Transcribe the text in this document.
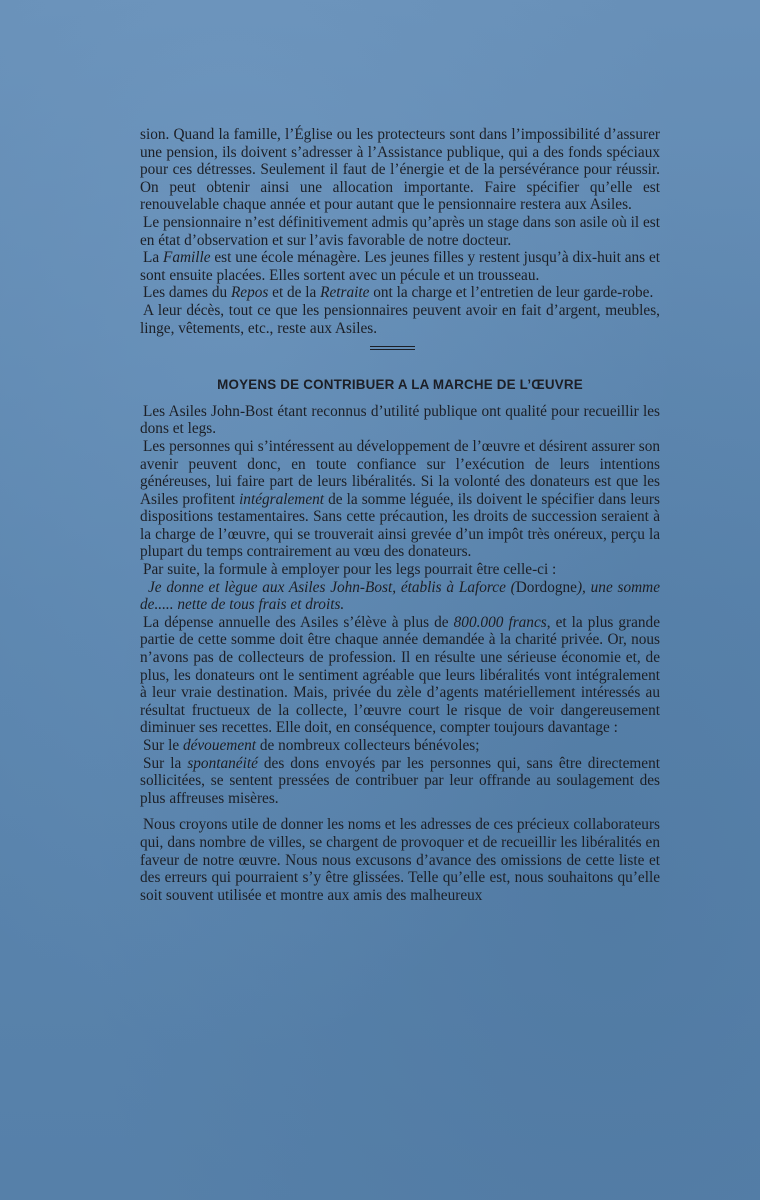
sion. Quand la famille, l’Église ou les protecteurs sont dans l’impossibilité d’assurer une pension, ils doivent s’adresser à l’Assistance publique, qui a des fonds spéciaux pour ces détresses. Seulement il faut de l’énergie et de la persévérance pour réussir. On peut obtenir ainsi une allocation importante. Faire spécifier qu’elle est renouvelable chaque année et pour autant que le pensionnaire restera aux Asiles.

Le pensionnaire n’est définitivement admis qu’après un stage dans son asile où il est en état d’observation et sur l’avis favorable de notre docteur.

La Famille est une école ménagère. Les jeunes filles y restent jusqu’à dix-huit ans et sont ensuite placées. Elles sortent avec un pécule et un trousseau.

Les dames du Repos et de la Retraite ont la charge et l’entretien de leur garde-robe.

A leur décès, tout ce que les pensionnaires peuvent avoir en fait d’argent, meubles, linge, vêtements, etc., reste aux Asiles.

MOYENS DE CONTRIBUER A LA MARCHE DE L’ŒUVRE

Les Asiles John-Bost étant reconnus d’utilité publique ont qualité pour recueillir les dons et legs.

Les personnes qui s’intéressent au développement de l’œuvre et désirent assurer son avenir peuvent donc, en toute confiance sur l’exécution de leurs intentions généreuses, lui faire part de leurs libéralités. Si la volonté des donateurs est que les Asiles profitent intégralement de la somme léguée, ils doivent le spécifier dans leurs dispositions testamentaires. Sans cette précaution, les droits de succession seraient à la charge de l’œuvre, qui se trouverait ainsi grevée d’un impôt très onéreux, perçu la plupart du temps contrairement au vœu des donateurs.

Par suite, la formule à employer pour les legs pourrait être celle-ci :

Je donne et lègue aux Asiles John-Bost, établis à Laforce (Dordogne), une somme de..... nette de tous frais et droits.

La dépense annuelle des Asiles s’élève à plus de 800.000 francs, et la plus grande partie de cette somme doit être chaque année demandée à la charité privée. Or, nous n’avons pas de collecteurs de profession. Il en résulte une sérieuse économie et, de plus, les donateurs ont le sentiment agréable que leurs libéralités vont intégralement à leur vraie destination. Mais, privée du zèle d’agents matériellement intéressés au résultat fructueux de la collecte, l’œuvre court le risque de voir dangereusement diminuer ses recettes. Elle doit, en conséquence, compter toujours davantage :

Sur le dévouement de nombreux collecteurs bénévoles;

Sur la spontanéité des dons envoyés par les personnes qui, sans être directement sollicitées, se sentent pressées de contribuer par leur offrande au soulagement des plus affreuses misères.

Nous croyons utile de donner les noms et les adresses de ces précieux collaborateurs qui, dans nombre de villes, se chargent de provoquer et de recueillir les libéralités en faveur de notre œuvre. Nous nous excusons d’avance des omissions de cette liste et des erreurs qui pourraient s’y être glissées. Telle qu’elle est, nous souhaitons qu’elle soit souvent utilisée et montre aux amis des malheureux
